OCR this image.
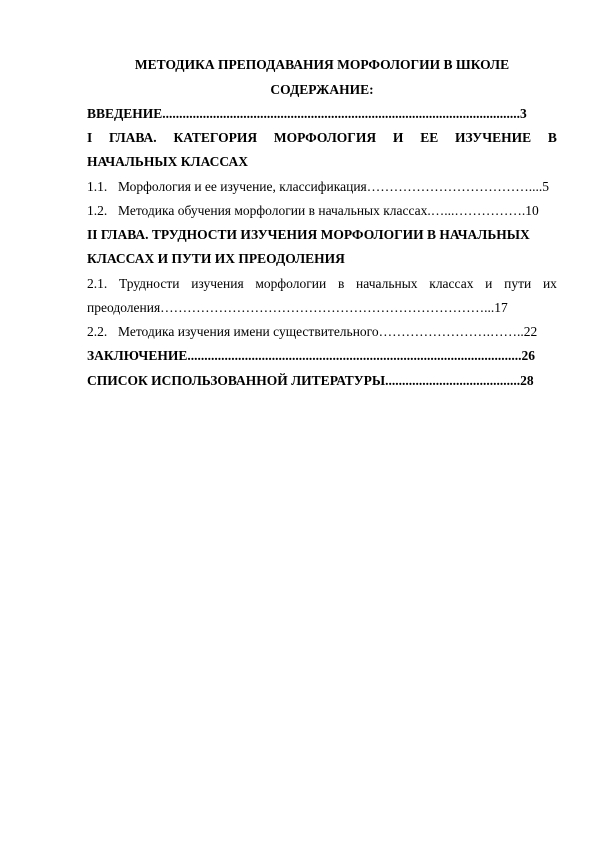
МЕТОДИКА ПРЕПОДАВАНИЯ МОРФОЛОГИИ В ШКОЛЕ
СОДЕРЖАНИЕ:
ВВЕДЕНИЕ..........................................................................................................3
I ГЛАВА. КАТЕГОРИЯ МОРФОЛОГИЯ И ЕЕ ИЗУЧЕНИЕ В
НАЧАЛЬНЫХ КЛАССАХ
1.1. Морфология и ее изучение, классификация………………………………....5
1.2. Методика обучения морфологии в начальных классах.…...…………….10
II ГЛАВА. ТРУДНОСТИ ИЗУЧЕНИЯ МОРФОЛОГИИ В НАЧАЛЬНЫХ
КЛАССАХ И ПУТИ ИХ ПРЕОДОЛЕНИЯ
2.1. Трудности изучения морфологии в начальных классах и пути их
преодоления………………………………………………………………...17
2.2. Методика изучения имени существительного…………………….……..22
ЗАКЛЮЧЕНИЕ...................................................................................................26
СПИСОК ИСПОЛЬЗОВАННОЙ ЛИТЕРАТУРЫ........................................28
